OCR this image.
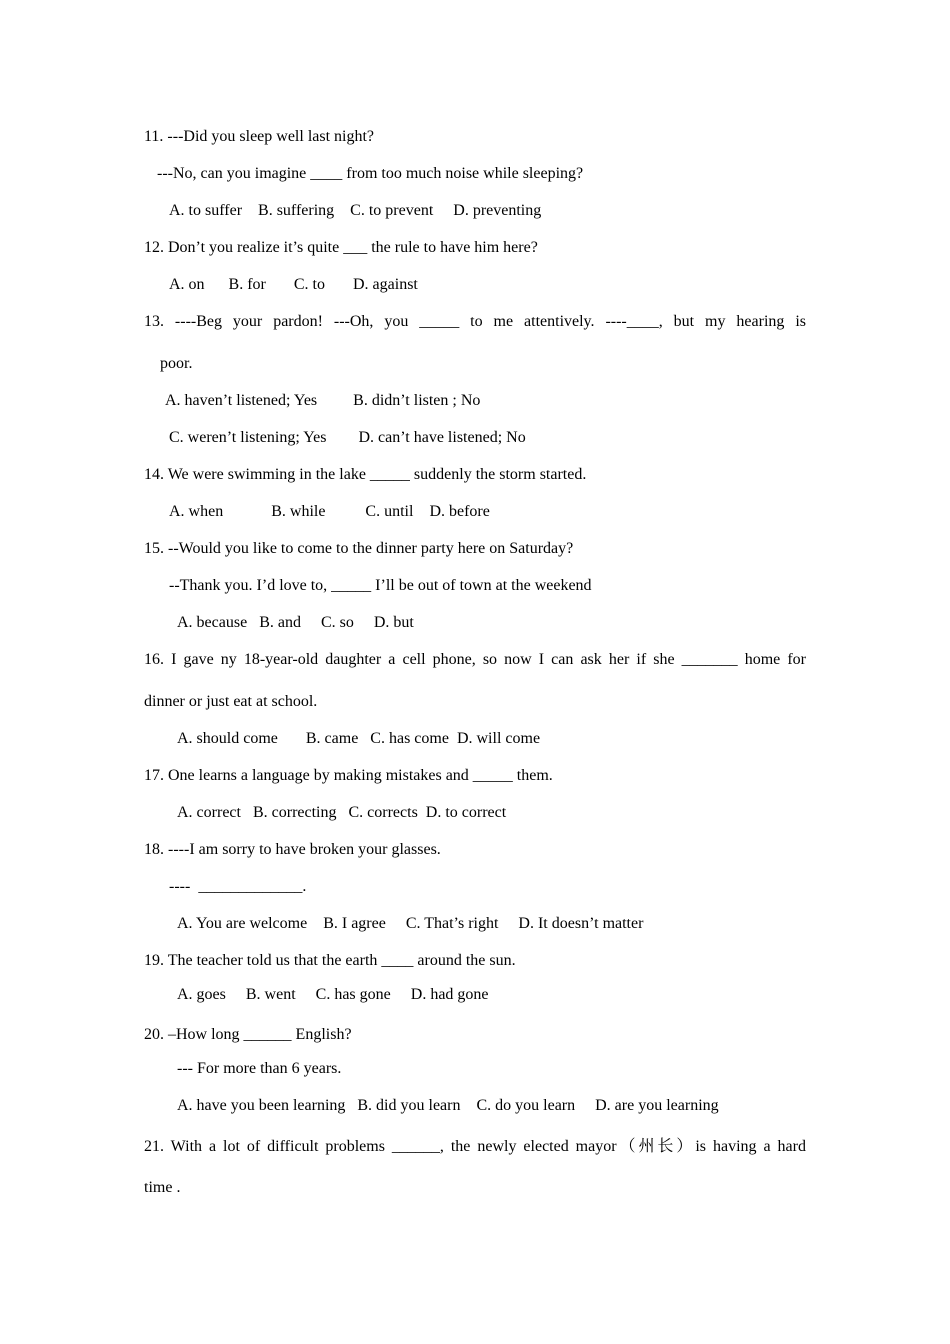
11. ---Did you sleep well last night?
---No, can you imagine ____ from too much noise while sleeping?
A. to suffer    B. suffering    C. to prevent     D. preventing
12. Don’t you realize it’s quite ___ the rule to have him here?
A. on      B. for       C. to       D. against
13. ----Beg your pardon! ---Oh, you _____ to me attentively. ----____, but my hearing is
poor.
A. haven’t listened; Yes         B. didn’t listen ; No
C. weren’t listening; Yes        D. can’t have listened; No
14. We were swimming in the lake _____ suddenly the storm started.
A. when            B. while          C. until    D. before
15. --Would you like to come to the dinner party here on Saturday?
--Thank you. I’d love to, _____ I’ll be out of town at the weekend
A. because   B. and     C. so     D. but
16. I gave ny 18-year-old daughter a cell phone, so now I can ask her if she _______ home for
dinner or just eat at school.
A. should come       B. came   C. has come  D. will come
17. One learns a language by making mistakes and _____ them.
A. correct   B. correcting   C. corrects  D. to correct
18. ----I am sorry to have broken your glasses.
----  _____________.
A. You are welcome    B. I agree     C. That’s right     D. It doesn’t matter
19. The teacher told us that the earth ____ around the sun.
A. goes     B. went     C. has gone     D. had gone
20. –How long ______ English?
--- For more than 6 years.
A. have you been learning   B. did you learn    C. do you learn     D. are you learning
21. With a lot of difficult problems ______, the newly elected mayor（州长）is having a hard
time .
